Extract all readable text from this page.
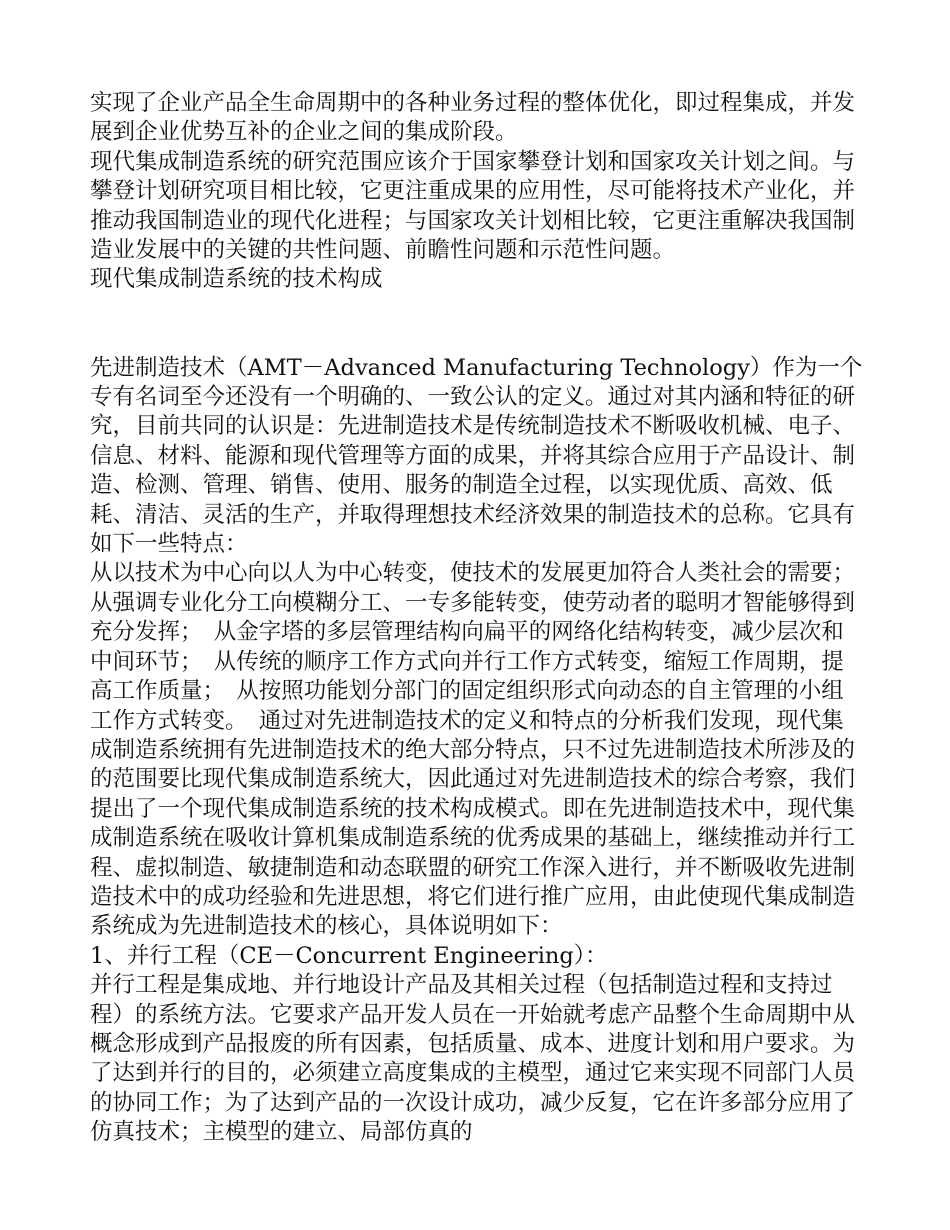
实现了企业产品全生命周期中的各种业务过程的整体优化，即过程集成，并发展到企业优势互补的企业之间的集成阶段。

现代集成制造系统的研究范围应该介于国家攀登计划和国家攻关计划之间。与攀登计划研究项目相比较，它更注重成果的应用性，尽可能将技术产业化，并推动我国制造业的现代化进程；与国家攻关计划相比较，它更注重解决我国制造业发展中的关键的共性问题、前瞻性问题和示范性问题。

现代集成制造系统的技术构成

先进制造技术（AMT－Advanced Manufacturing Technology）作为一个专有名词至今还没有一个明确的、一致公认的定义。通过对其内涵和特征的研究，目前共同的认识是：先进制造技术是传统制造技术不断吸收机械、电子、信息、材料、能源和现代管理等方面的成果，并将其综合应用于产品设计、制造、检测、管理、销售、使用、服务的制造全过程，以实现优质、高效、低耗、清洁、灵活的生产，并取得理想技术经济效果的制造技术的总称。它具有如下一些特点：

从以技术为中心向以人为中心转变，使技术的发展更加符合人类社会的需要；　从强调专业化分工向模糊分工、一专多能转变，使劳动者的聪明才智能够得到充分发挥；　从金字塔的多层管理结构向扁平的网络化结构转变，减少层次和中间环节；　从传统的顺序工作方式向并行工作方式转变，缩短工作周期，提高工作质量；　从按照功能划分部门的固定组织形式向动态的自主管理的小组工作方式转变。　通过对先进制造技术的定义和特点的分析我们发现，现代集成制造系统拥有先进制造技术的绝大部分特点，只不过先进制造技术所涉及的的范围要比现代集成制造系统大，因此通过对先进制造技术的综合考察，我们提出了一个现代集成制造系统的技术构成模式。即在先进制造技术中，现代集成制造系统在吸收计算机集成制造系统的优秀成果的基础上，继续推动并行工程、虚拟制造、敏捷制造和动态联盟的研究工作深入进行，并不断吸收先进制造技术中的成功经验和先进思想，将它们进行推广应用，由此使现代集成制造系统成为先进制造技术的核心，具体说明如下：

1、并行工程（CE－Concurrent Engineering）：

并行工程是集成地、并行地设计产品及其相关过程（包括制造过程和支持过程）的系统方法。它要求产品开发人员在一开始就考虑产品整个生命周期中从概念形成到产品报废的所有因素，包括质量、成本、进度计划和用户要求。为了达到并行的目的，必须建立高度集成的主模型，通过它来实现不同部门人员的协同工作；为了达到产品的一次设计成功，减少反复，它在许多部分应用了仿真技术；主模型的建立、局部仿真的
